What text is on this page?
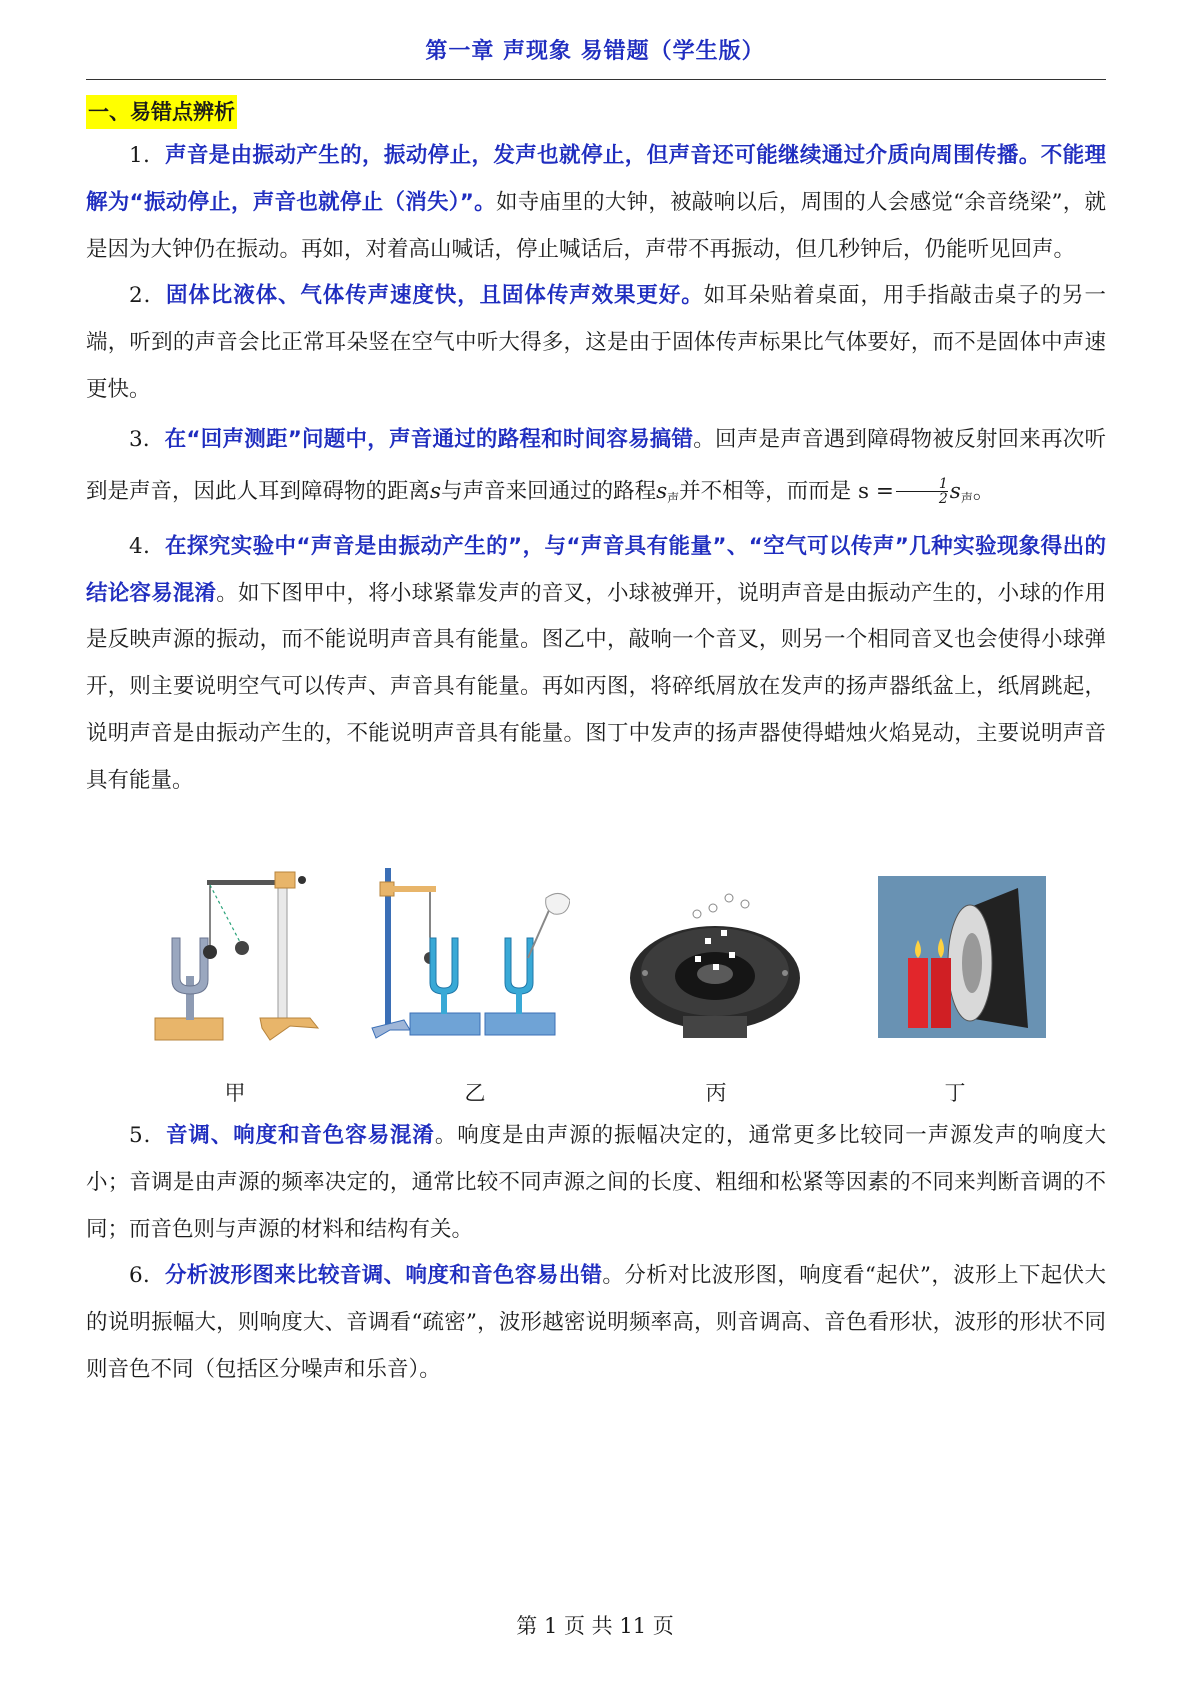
第一章 声现象 易错题（学生版）
一、易错点辨析

1．声音是由振动产生的，振动停止，发声也就停止，但声音还可能继续通过介质向周围传播。不能理解为“振动停止，声音也就停止（消失）”。如寺庙里的大钟，被敲响以后，周围的人会感觉“余音绕梁”，就是因为大钟仍在振动。再如，对着高山喊话，停止喊话后，声带不再振动，但几秒钟后，仍能听见回声。

2．固体比液体、气体传声速度快，且固体传声效果更好。如耳朵贴着桌面，用手指敲击桌子的另一端，听到的声音会比正常耳朵竖在空气中听大得多，这是由于固体传声标果比气体要好，而不是固体中声速更快。

3．在“回声测距”问题中，声音通过的路程和时间容易搞错。回声是声音遇到障碍物被反射回来再次听到是声音，因此人耳到障碍物的距离s与声音来回通过的路程$s_声$并不相等，而而是 $s = \frac{1}{2} s_声$。

4．在探究实验中“声音是由振动产生的”，与“声音具有能量”、“空气可以传声”几种实验现象得出的结论容易混淆。如下图甲中，将小球紧靠发声的音叉，小球被弹开，说明声音是由振动产生的，小球的作用是反映声源的振动，而不能说明声音具有能量。图乙中，敲响一个音叉，则另一个相同音叉也会使得小球弹开，则主要说明空气可以传声、声音具有能量。再如丙图，将碎纸屑放在发声的扬声器纸盆上，纸屑跳起，说明声音是由振动产生的，不能说明声音具有能量。图丁中发声的扬声器使得蜡烛火焰晃动，主要说明声音具有能量。

甲	乙	丙	丁

5．音调、响度和音色容易混淆。响度是由声源的振幅决定的，通常更多比较同一声源发声的响度大小；音调是由声源的频率决定的，通常比较不同声源之间的长度、粗细和松紧等因素的不同来判断音调的不同；而音色则与声源的材料和结构有关。

6．分析波形图来比较音调、响度和音色容易出错。分析对比波形图，响度看“起伏”，波形上下起伏大的说明振幅大，则响度大、音调看“疏密”，波形越密说明频率高，则音调高、音色看形状，波形的形状不同则音色不同（包括区分噪声和乐音）。

第 1 页 共 11 页
